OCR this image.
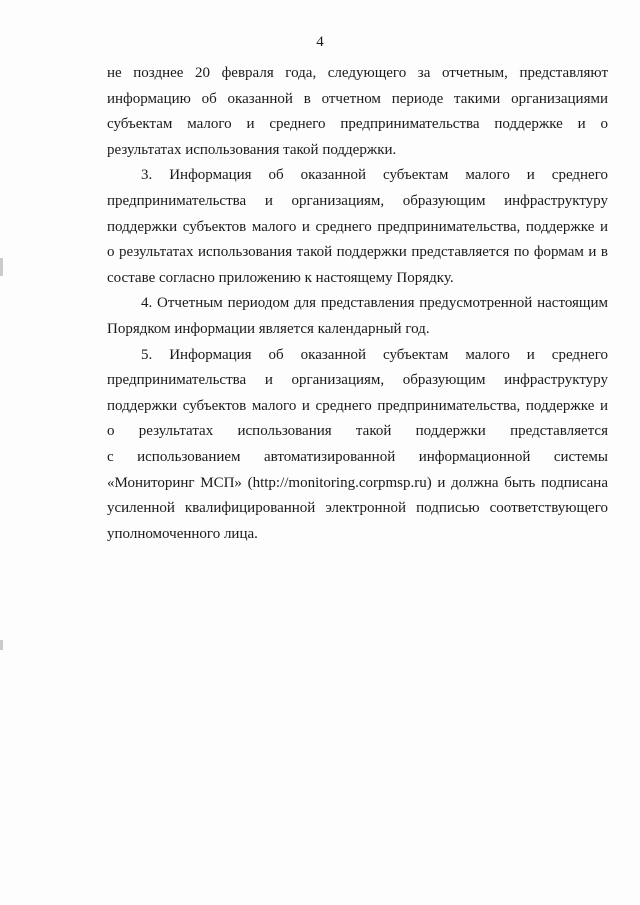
4
не позднее 20 февраля года, следующего за отчетным, представляют
информацию об оказанной в отчетном периоде такими организациями
субъектам малого и среднего предпринимательства поддержке и о
результатах использования такой поддержки.
3. Информация об оказанной субъектам малого и среднего
предпринимательства и организациям, образующим инфраструктуру
поддержки субъектов малого и среднего предпринимательства, поддержке и
о результатах использования такой поддержки представляется по формам и в
составе согласно приложению к настоящему Порядку.
4. Отчетным периодом для представления предусмотренной настоящим
Порядком информации является календарный год.
5. Информация об оказанной субъектам малого и среднего
предпринимательства и организациям, образующим инфраструктуру
поддержки субъектов малого и среднего предпринимательства, поддержке и
о результатах использования такой поддержки представляется
с использованием автоматизированной информационной системы
«Мониторинг МСП» (http://monitoring.corpmsp.ru) и должна быть подписана
усиленной квалифицированной электронной подписью соответствующего
уполномоченного лица.
